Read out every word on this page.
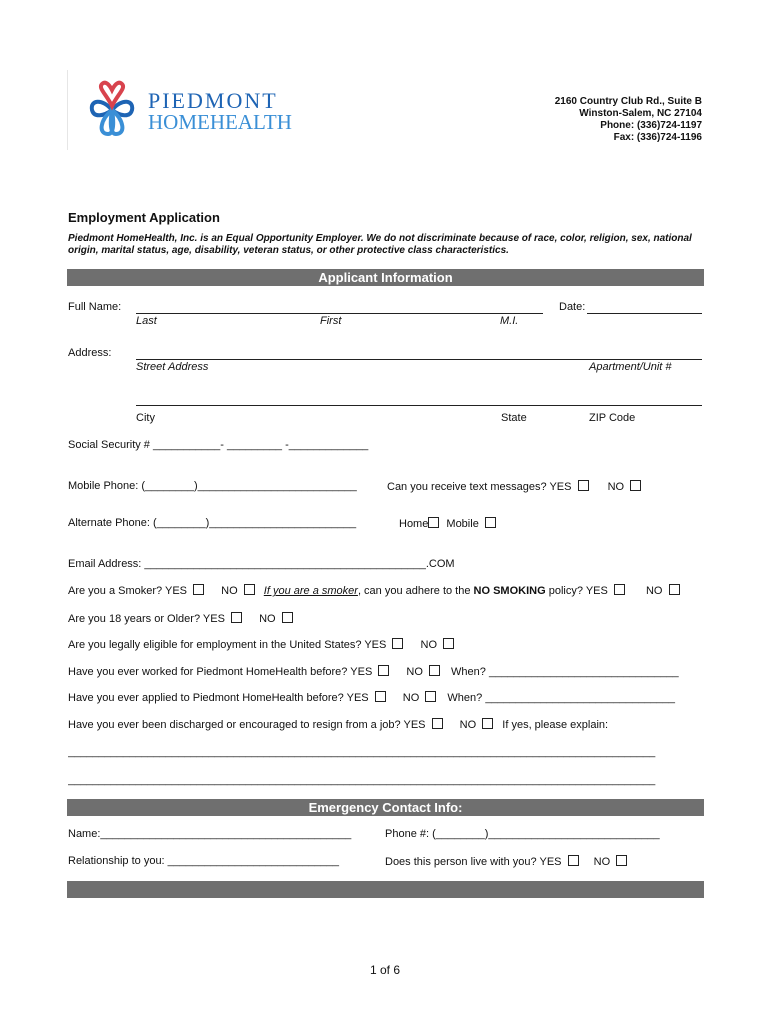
PIEDMONT
HOMEHEALTH
2160 Country Club Rd., Suite B
Winston-Salem, NC 27104
Phone: (336)724-1197
Fax: (336)724-1196
Employment Application
Piedmont HomeHealth, Inc. is an Equal Opportunity Employer. We do not discriminate because of race, color, religion, sex, national origin, marital status, age, disability, veteran status, or other protective class characteristics.
Applicant Information
Full Name:	Date:
Last	First	M.I.
Address:
Street Address	Apartment/Unit #
City	State	ZIP Code
Social Security # ___________- _________ -_____________
Mobile Phone: (________)__________________________	Can you receive text messages? YES	NO
Alternate Phone: (________)________________________	Home Mobile
Email Address: ______________________________________________.COM
Are you a Smoker? YES	NO If you are a smoker, can you adhere to the NO SMOKING policy? YES	NO
Are you 18 years or Older? YES	NO
Are you legally eligible for employment in the United States? YES	NO
Have you ever worked for Piedmont HomeHealth before? YES	NO	When? _______________________________
Have you ever applied to Piedmont HomeHealth before? YES	NO	When? _______________________________
Have you ever been discharged or encouraged to resign from a job? YES	NO If yes, please explain:
________________________________________________________________________________________________
________________________________________________________________________________________________
Emergency Contact Info:
Name:_________________________________________	Phone #: (________)____________________________
Relationship to you: ____________________________	Does this person live with you? YES	NO
1 of 6
